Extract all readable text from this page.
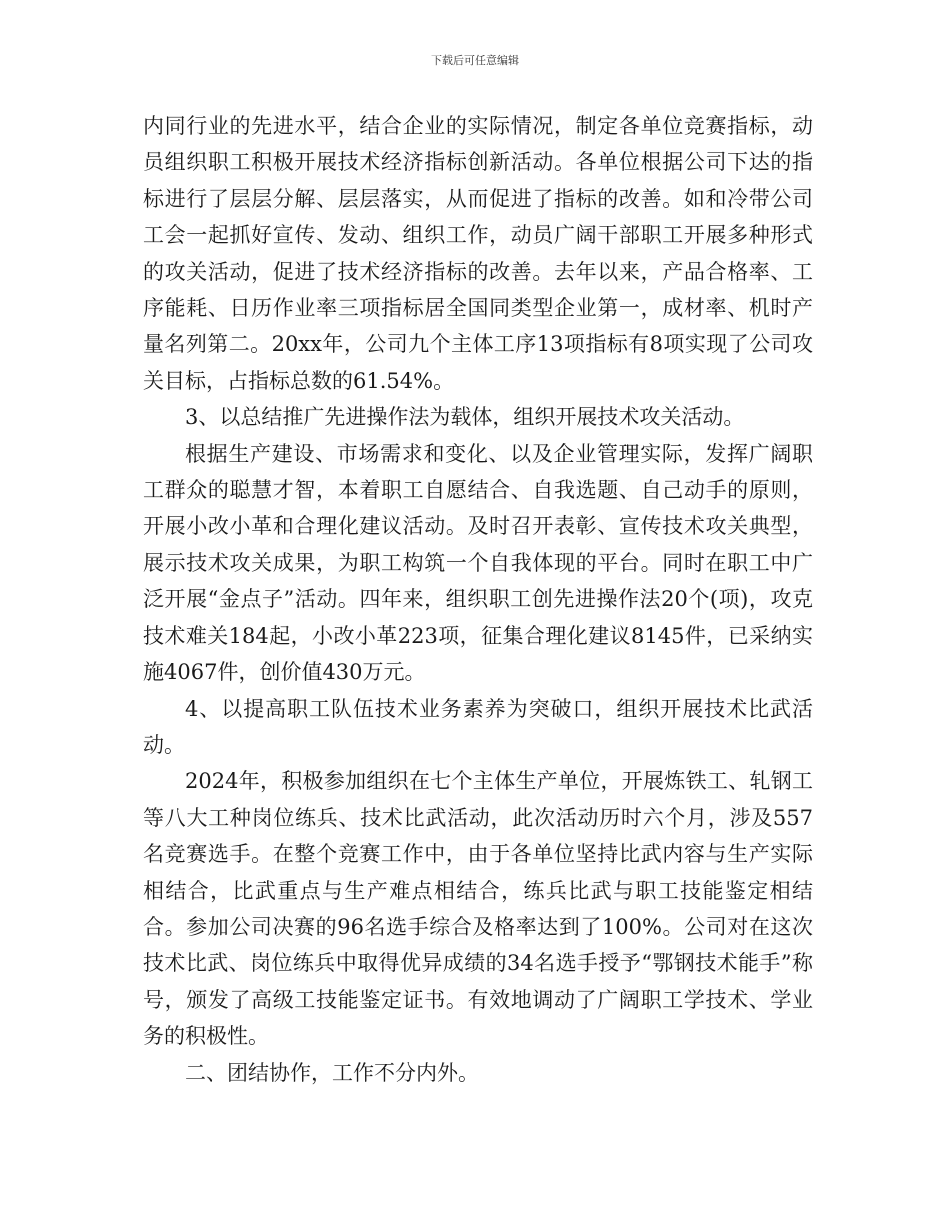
下载后可任意编辑

内同行业的先进水平，结合企业的实际情况，制定各单位竞赛指标，动员组织职工积极开展技术经济指标创新活动。各单位根据公司下达的指标进行了层层分解、层层落实，从而促进了指标的改善。如和冷带公司工会一起抓好宣传、发动、组织工作，动员广阔干部职工开展多种形式的攻关活动，促进了技术经济指标的改善。去年以来，产品合格率、工序能耗、日历作业率三项指标居全国同类型企业第一，成材率、机时产量名列第二。20xx年，公司九个主体工序13项指标有8项实现了公司攻关目标，占指标总数的61.54%。

3、以总结推广先进操作法为载体，组织开展技术攻关活动。

根据生产建设、市场需求和变化、以及企业管理实际，发挥广阔职工群众的聪慧才智，本着职工自愿结合、自我选题、自己动手的原则，开展小改小革和合理化建议活动。及时召开表彰、宣传技术攻关典型，展示技术攻关成果，为职工构筑一个自我体现的平台。同时在职工中广泛开展“金点子”活动。四年来，组织职工创先进操作法20个(项)，攻克技术难关184起，小改小革223项，征集合理化建议8145件，已采纳实施4067件，创价值430万元。

4、以提高职工队伍技术业务素养为突破口，组织开展技术比武活动。

2024年，积极参加组织在七个主体生产单位，开展炼铁工、轧钢工等八大工种岗位练兵、技术比武活动，此次活动历时六个月，涉及557名竞赛选手。在整个竞赛工作中，由于各单位坚持比武内容与生产实际相结合，比武重点与生产难点相结合，练兵比武与职工技能鉴定相结合。参加公司决赛的96名选手综合及格率达到了100%。公司对在这次技术比武、岗位练兵中取得优异成绩的34名选手授予“鄂钢技术能手”称号，颁发了高级工技能鉴定证书。有效地调动了广阔职工学技术、学业务的积极性。

二、团结协作，工作不分内外。
